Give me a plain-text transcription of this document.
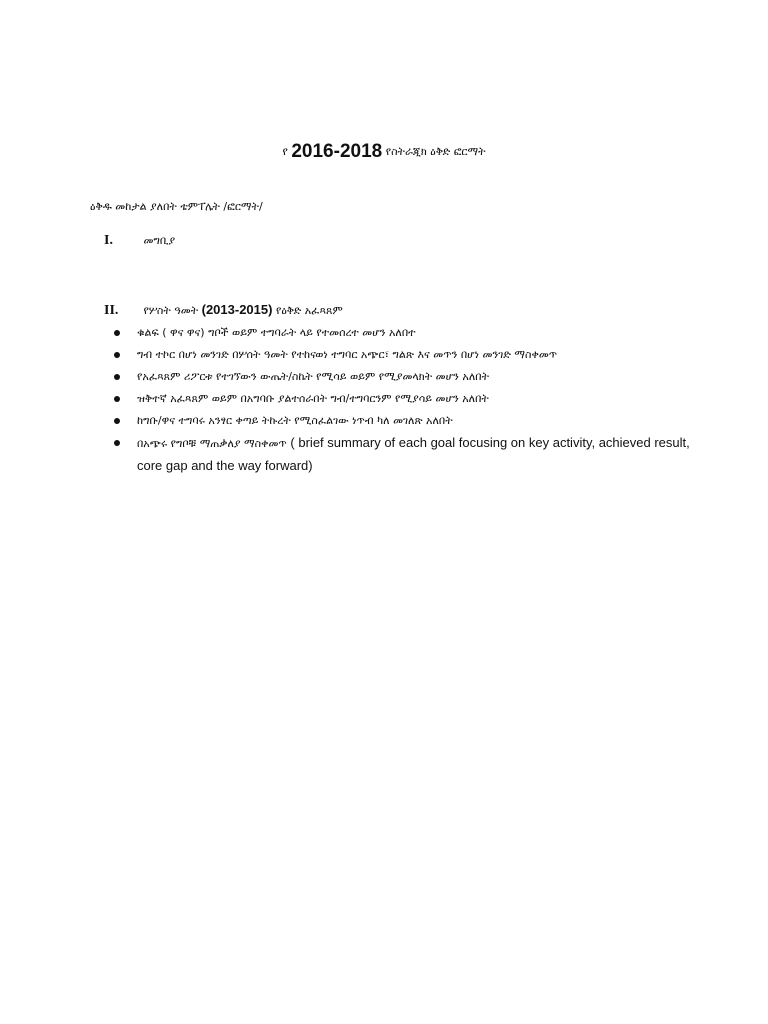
የ 2016-2018 የስትራጂክ ዕቅድ ፎርማት
ዕቅዱ መከታል ያለበት ቴምፐሌት /ፎርማት/
I.	መግቢያ
II. የሦስት ዓመት (2013-2015) የዕቅድ አፈጻጸም
ቁልፍ ( ዋና ዋና) ግቦች ወይም ተግባራት ላይ የተመሰረተ መሆን አለበተ
ግብ ተኮር በሆነ መንገድ በሦሰት ዓመት የተከናወነ ተግባር አጭር፣ ግልጽ እና መጥን በሆነ መንገድ ማስቀመጥ
የአፈጻጸም ሪፖርቱ የተገኘውን ውጤት/ስኬት የሚሳይ ወይም የሚያመላክት መሆን አለበት
ዝቅተኛ አፈጻጸም ወይም በአግባቡ ያልተሰራበት ግብ/ተግባርንም የሚያሳይ መሆን አለበት
ከግቡ/ዋና ተግባሩ አንፃር ቀጣይ ትኩረት የሚስፈልገው ነጥብ ካለ መገለጽ አለበት
በአጭሩ የግቦቹ ማጠቃለያ ማስቀመጥ ( brief summary of each goal focusing on key activity, achieved result, core gap and the way forward)
